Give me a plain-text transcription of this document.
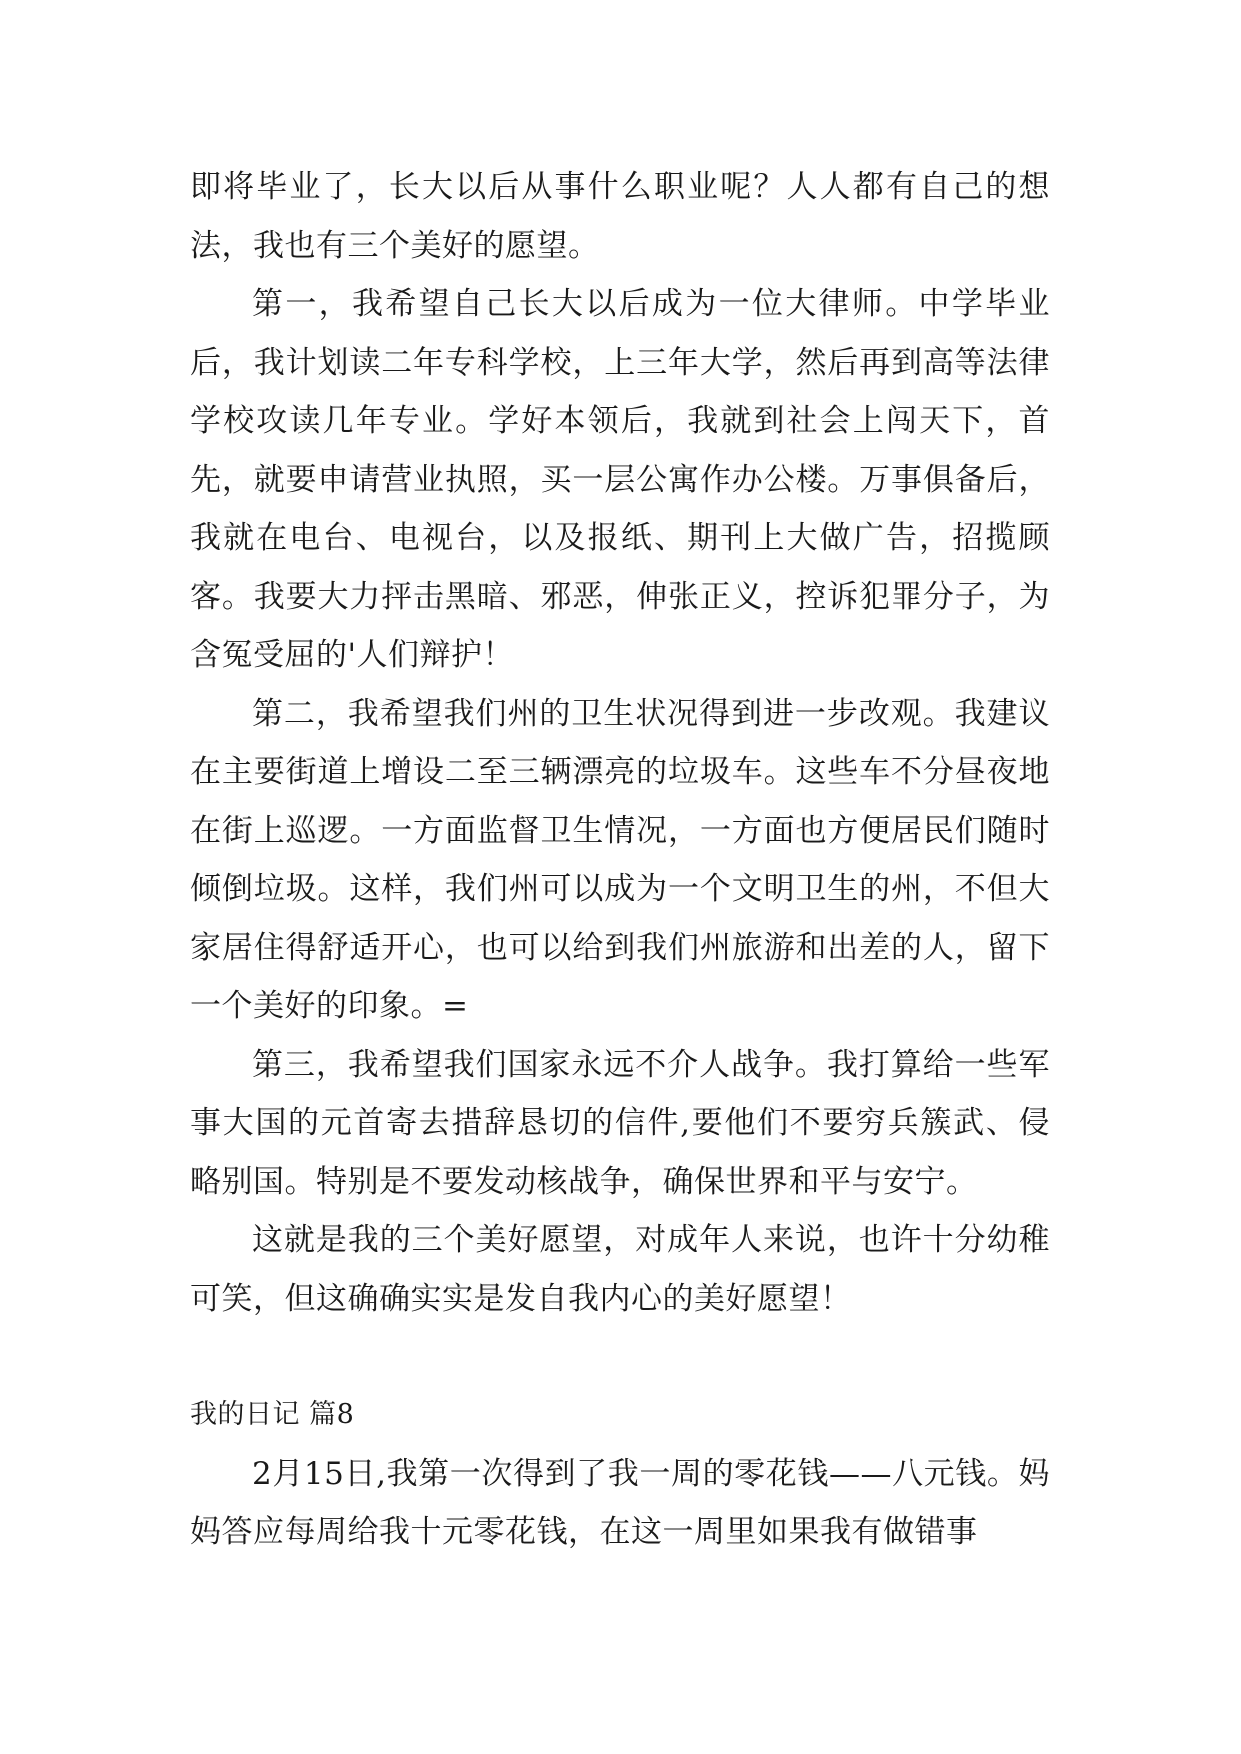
即将毕业了，长大以后从事什么职业呢？人人都有自己的想法，我也有三个美好的愿望。

第一，我希望自己长大以后成为一位大律师。中学毕业后，我计划读二年专科学校，上三年大学，然后再到高等法律学校攻读几年专业。学好本领后，我就到社会上闯天下，首先，就要申请营业执照，买一层公寓作办公楼。万事俱备后，我就在电台、电视台，以及报纸、期刊上大做广告，招揽顾客。我要大力抨击黑暗、邪恶，伸张正义，控诉犯罪分子，为含冤受屈的'人们辩护！

第二，我希望我们州的卫生状况得到进一步改观。我建议在主要街道上增设二至三辆漂亮的垃圾车。这些车不分昼夜地在街上巡逻。一方面监督卫生情况，一方面也方便居民们随时倾倒垃圾。这样，我们州可以成为一个文明卫生的州，不但大家居住得舒适开心，也可以给到我们州旅游和出差的人，留下一个美好的印象。=

第三，我希望我们国家永远不介人战争。我打算给一些军事大国的元首寄去措辞恳切的信件,要他们不要穷兵簇武、侵略别国。特别是不要发动核战争，确保世界和平与安宁。

这就是我的三个美好愿望，对成年人来说，也许十分幼稚可笑，但这确确实实是发自我内心的美好愿望！

我的日记 篇8

2月15日,我第一次得到了我一周的零花钱——八元钱。妈妈答应每周给我十元零花钱，在这一周里如果我有做错事
